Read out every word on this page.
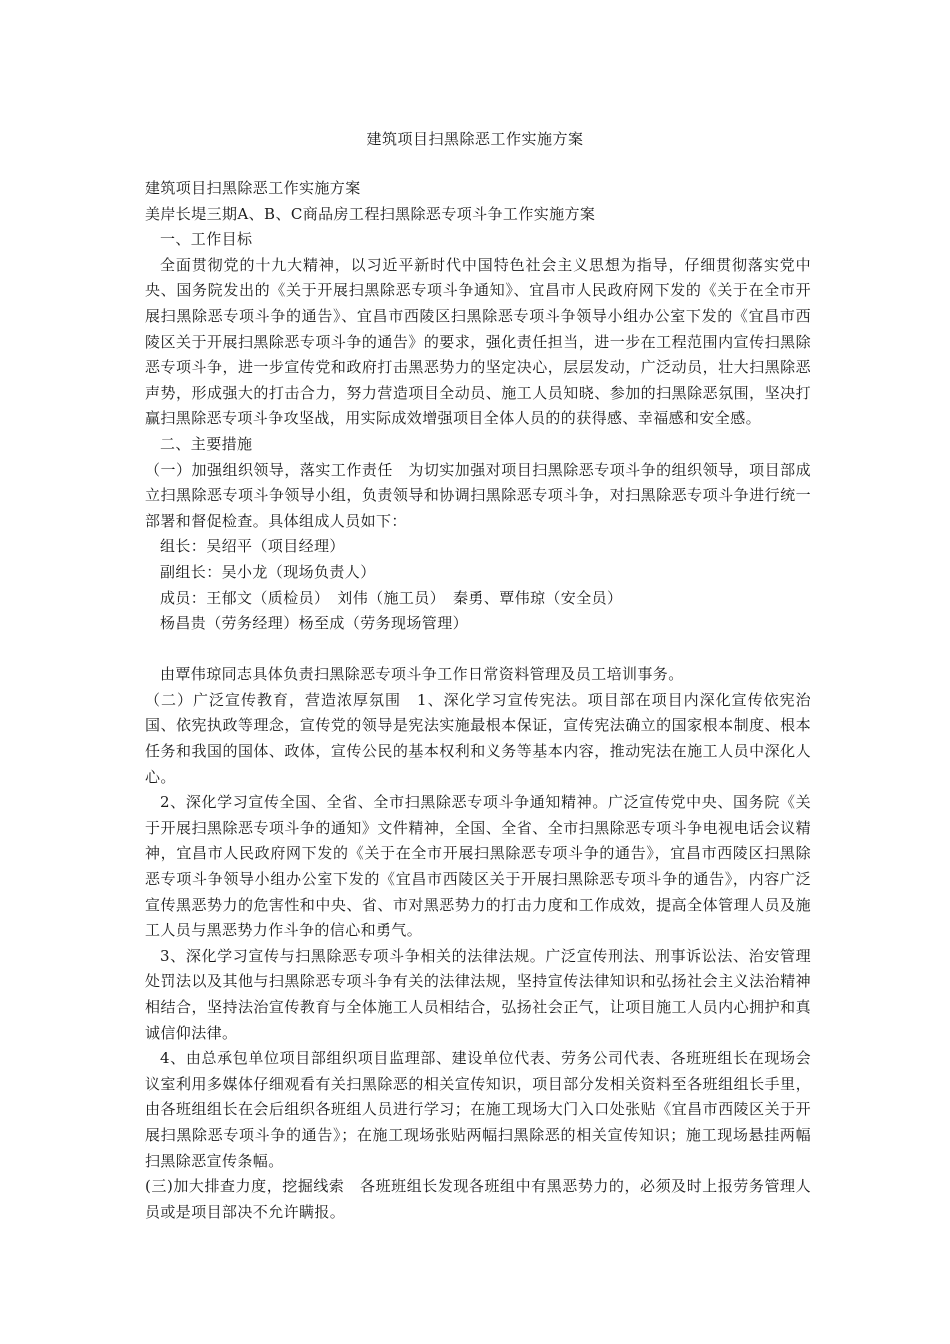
建筑项目扫黑除恶工作实施方案

建筑项目扫黑除恶工作实施方案

美岸长堤三期A、B、C商品房工程扫黑除恶专项斗争工作实施方案

一、工作目标

全面贯彻党的十九大精神，以习近平新时代中国特色社会主义思想为指导，仔细贯彻落实党中央、国务院发出的《关于开展扫黑除恶专项斗争通知》、宜昌市人民政府网下发的《关于在全市开展扫黑除恶专项斗争的通告》、宜昌市西陵区扫黑除恶专项斗争领导小组办公室下发的《宜昌市西陵区关于开展扫黑除恶专项斗争的通告》的要求，强化责任担当，进一步在工程范围内宣传扫黑除恶专项斗争，进一步宣传党和政府打击黑恶势力的坚定决心，层层发动，广泛动员，壮大扫黑除恶声势，形成强大的打击合力，努力营造项目全动员、施工人员知晓、参加的扫黑除恶氛围，坚决打赢扫黑除恶专项斗争攻坚战，用实际成效增强项目全体人员的的获得感、幸福感和安全感。

二、主要措施

（一）加强组织领导，落实工作责任　为切实加强对项目扫黑除恶专项斗争的组织领导，项目部成立扫黑除恶专项斗争领导小组，负责领导和协调扫黑除恶专项斗争，对扫黑除恶专项斗争进行统一部署和督促检查。具体组成人员如下：

组长：吴绍平（项目经理）

副组长：吴小龙（现场负责人）

成员：王郁文（质检员）　刘伟（施工员）　秦勇、覃伟琼（安全员）

杨昌贵（劳务经理）杨至成（劳务现场管理）

由覃伟琼同志具体负责扫黑除恶专项斗争工作日常资料管理及员工培训事务。

（二）广泛宣传教育，营造浓厚氛围　1、深化学习宣传宪法。项目部在项目内深化宣传依宪治国、依宪执政等理念，宣传党的领导是宪法实施最根本保证，宣传宪法确立的国家根本制度、根本任务和我国的国体、政体，宣传公民的基本权利和义务等基本内容，推动宪法在施工人员中深化人心。

2、深化学习宣传全国、全省、全市扫黑除恶专项斗争通知精神。广泛宣传党中央、国务院《关于开展扫黑除恶专项斗争的通知》文件精神，全国、全省、全市扫黑除恶专项斗争电视电话会议精神，宜昌市人民政府网下发的《关于在全市开展扫黑除恶专项斗争的通告》，宜昌市西陵区扫黑除恶专项斗争领导小组办公室下发的《宜昌市西陵区关于开展扫黑除恶专项斗争的通告》，内容广泛宣传黑恶势力的危害性和中央、省、市对黑恶势力的打击力度和工作成效，提高全体管理人员及施工人员与黑恶势力作斗争的信心和勇气。

3、深化学习宣传与扫黑除恶专项斗争相关的法律法规。广泛宣传刑法、刑事诉讼法、治安管理处罚法以及其他与扫黑除恶专项斗争有关的法律法规，坚持宣传法律知识和弘扬社会主义法治精神相结合，坚持法治宣传教育与全体施工人员相结合，弘扬社会正气，让项目施工人员内心拥护和真诚信仰法律。

4、由总承包单位项目部组织项目监理部、建设单位代表、劳务公司代表、各班班组长在现场会议室利用多媒体仔细观看有关扫黑除恶的相关宣传知识，项目部分发相关资料至各班组组长手里，由各班组组长在会后组织各班组人员进行学习；在施工现场大门入口处张贴《宜昌市西陵区关于开展扫黑除恶专项斗争的通告》；在施工现场张贴两幅扫黑除恶的相关宣传知识；施工现场悬挂两幅扫黑除恶宣传条幅。

(三)加大排查力度，挖掘线索　各班班组长发现各班组中有黑恶势力的，必须及时上报劳务管理人员或是项目部决不允许瞒报。
